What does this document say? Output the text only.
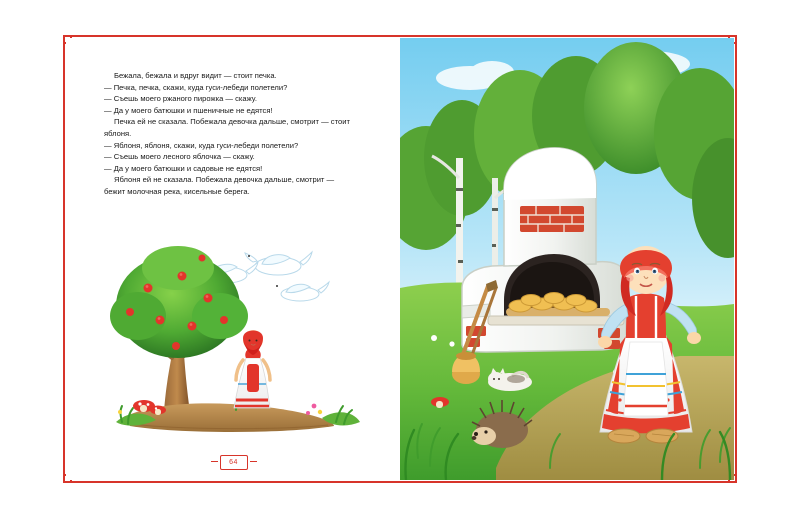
Бежала, бежала и вдруг видит — стоит печка.

— Печка, печка, скажи, куда гуси-лебеди полетели?

— Съешь моего ржаного пирожка — скажу.

— Да у моего батюшки и пшеничные не едятся!

Печка ей не сказала. Побежала девочка дальше, смотрит — стоит яблоня.

— Яблоня, яблоня, скажи, куда гуси-лебеди полетели?

— Съешь моего лесного яблочка — скажу.

— Да у моего батюшки и садовые не едятся!

Яблоня ей не сказала. Побежала девочка дальше, смотрит — бежит молочная река, кисельные берега.

64
